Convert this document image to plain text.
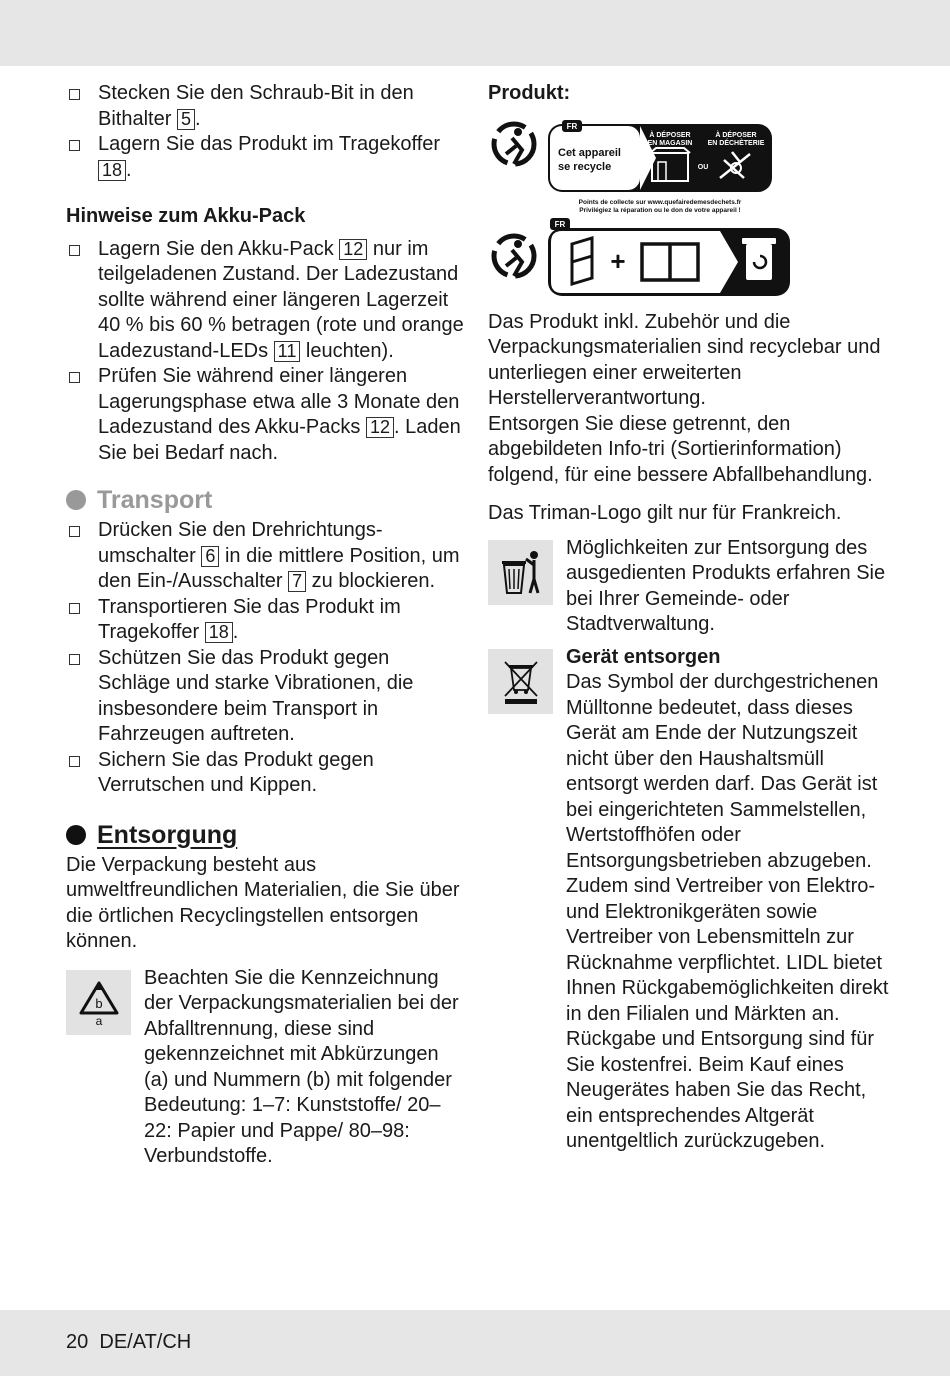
Stecken Sie den Schraub-Bit in den Bithalter 5 .
Lagern Sie das Produkt im Tragekoffer 18 .

Hinweise zum Akku-Pack

Lagern Sie den Akku-Pack 12 nur im teilgeladenen Zustand. Der Ladezustand sollte während einer längeren Lagerzeit 40 % bis 60 % betragen (rote und orange Ladezustand-LEDs 11 leuchten).
Prüfen Sie während einer längeren Lagerungsphase etwa alle 3 Monate den Ladezustand des Akku-Packs 12 . Laden Sie bei Bedarf nach.
Transport
Drücken Sie den Drehrichtungs-umschalter 6 in die mittlere Position, um den Ein-/Ausschalter 7 zu blockieren.
Transportieren Sie das Produkt im Tragekoffer 18 .
Schützen Sie das Produkt gegen Schläge und starke Vibrationen, die insbesondere beim Transport in Fahrzeugen auftreten.
Sichern Sie das Produkt gegen Verrutschen und Kippen.
Entsorgung

Die Verpackung besteht aus umweltfreundlichen Materialien, die Sie über die örtlichen Recyclingstellen entsorgen können.

b
a

Beachten Sie die Kennzeichnung der Verpackungsmaterialien bei der Abfalltrennung, diese sind gekennzeichnet mit Abkürzungen (a) und Nummern (b) mit folgender Bedeutung: 1–7: Kunststoffe/ 20–22: Papier und Pappe/ 80–98: Verbundstoffe.

Produkt:

FR
Cet appareil
se recycle
À DÉPOSER
EN MAGASIN
À DÉPOSER
EN DÉCHÈTERIE
OU
Points de collecte sur www.quefairedemesdechets.fr
Privilégiez la réparation ou le don de votre appareil !
FR
+

Das Produkt inkl. Zubehör und die Verpackungsmaterialien sind recyclebar und unterliegen einer erweiterten Herstellerverantwortung.

Entsorgen Sie diese getrennt, den abgebildeten Info-tri (Sortierinformation) folgend, für eine bessere Abfallbehandlung.

Das Triman-Logo gilt nur für Frankreich.

Möglichkeiten zur Entsorgung des ausgedienten Produkts erfahren Sie bei Ihrer Gemeinde- oder Stadtverwaltung.

Gerät entsorgen

Das Symbol der durchgestrichenen Mülltonne bedeutet, dass dieses Gerät am Ende der Nutzungszeit nicht über den Haushaltsmüll entsorgt werden darf. Das Gerät ist bei eingerichteten Sammelstellen, Wertstoffhöfen oder Entsorgungsbetrieben abzugeben. Zudem sind Vertreiber von Elektro- und Elektronikgeräten sowie Vertreiber von Lebensmitteln zur Rücknahme verpflichtet. LIDL bietet Ihnen Rückgabemöglichkeiten direkt in den Filialen und Märkten an. Rückgabe und Entsorgung sind für Sie kostenfrei. Beim Kauf eines Neugerätes haben Sie das Recht, ein entsprechendes Altgerät unentgeltlich zurückzugeben.

20 DE/AT/CH
